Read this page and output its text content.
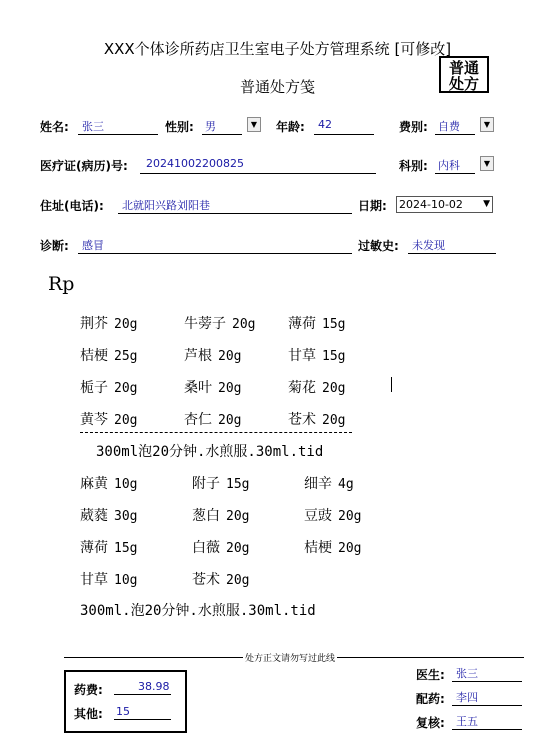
XXX个体诊所药店卫生室电子处方管理系统 [可修改]
普通处方笺
普通
处方
姓名: 张三	性别: 男	▼	年龄: 42	费别: 自费	▼
医疗证(病历)号: 20241002200825	科别: 内科	▼
住址(电话): 北就阳兴路刘阳巷	日期: 2024-10-02 ▼
诊断: 感冒	过敏史: 未发现
Rp
荆芥 20g	牛蒡子 20g 薄荷 15g
桔梗 25g	芦根 20g	甘草 15g
栀子 20g	桑叶 20g	菊花 20g
黄芩 20g	杏仁 20g	苍术 20g
麻黄 10g	附子 15g	细辛 4g
葳蕤 30g	葱白 20g	豆豉 20g
薄荷 15g	白薇 20g	桔梗 20g
甘草 10g	苍术 20g
300ml泡20分钟.水煎服.30ml.tid
300ml.泡20分钟.水煎服.30ml.tid
处方正文请勿写过此线
药费:	38.98
其他: 15
医生: 张三
配药: 李四
复核: 王五
